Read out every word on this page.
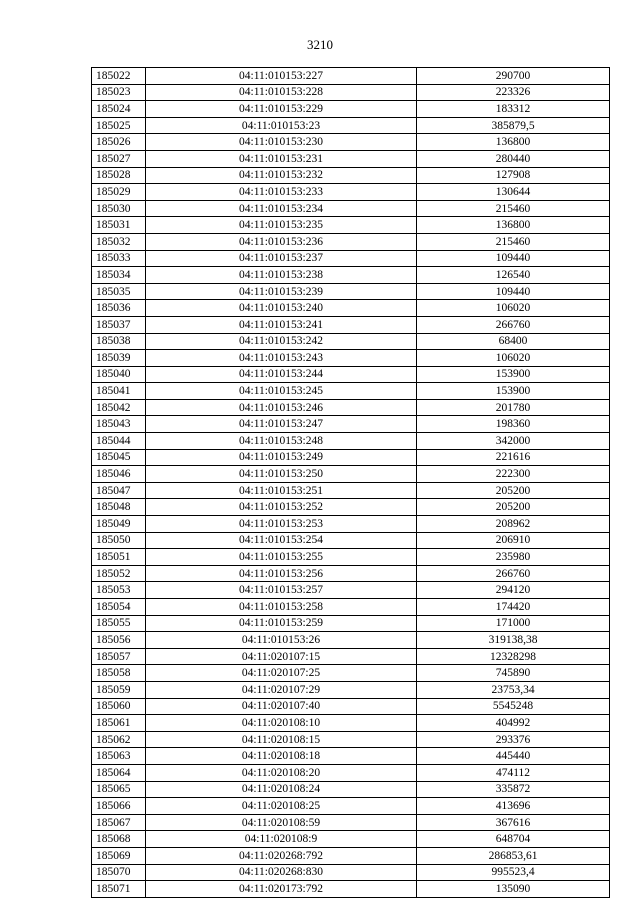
3210
185022	04:11:010153:227	290700
185023	04:11:010153:228	223326
185024	04:11:010153:229	183312
185025	04:11:010153:23	385879,5
185026	04:11:010153:230	136800
185027	04:11:010153:231	280440
185028	04:11:010153:232	127908
185029	04:11:010153:233	130644
185030	04:11:010153:234	215460
185031	04:11:010153:235	136800
185032	04:11:010153:236	215460
185033	04:11:010153:237	109440
185034	04:11:010153:238	126540
185035	04:11:010153:239	109440
185036	04:11:010153:240	106020
185037	04:11:010153:241	266760
185038	04:11:010153:242	68400
185039	04:11:010153:243	106020
185040	04:11:010153:244	153900
185041	04:11:010153:245	153900
185042	04:11:010153:246	201780
185043	04:11:010153:247	198360
185044	04:11:010153:248	342000
185045	04:11:010153:249	221616
185046	04:11:010153:250	222300
185047	04:11:010153:251	205200
185048	04:11:010153:252	205200
185049	04:11:010153:253	208962
185050	04:11:010153:254	206910
185051	04:11:010153:255	235980
185052	04:11:010153:256	266760
185053	04:11:010153:257	294120
185054	04:11:010153:258	174420
185055	04:11:010153:259	171000
185056	04:11:010153:26	319138,38
185057	04:11:020107:15	12328298
185058	04:11:020107:25	745890
185059	04:11:020107:29	23753,34
185060	04:11:020107:40	5545248
185061	04:11:020108:10	404992
185062	04:11:020108:15	293376
185063	04:11:020108:18	445440
185064	04:11:020108:20	474112
185065	04:11:020108:24	335872
185066	04:11:020108:25	413696
185067	04:11:020108:59	367616
185068	04:11:020108:9	648704
185069	04:11:020268:792	286853,61
185070	04:11:020268:830	995523,4
185071	04:11:020173:792	135090
